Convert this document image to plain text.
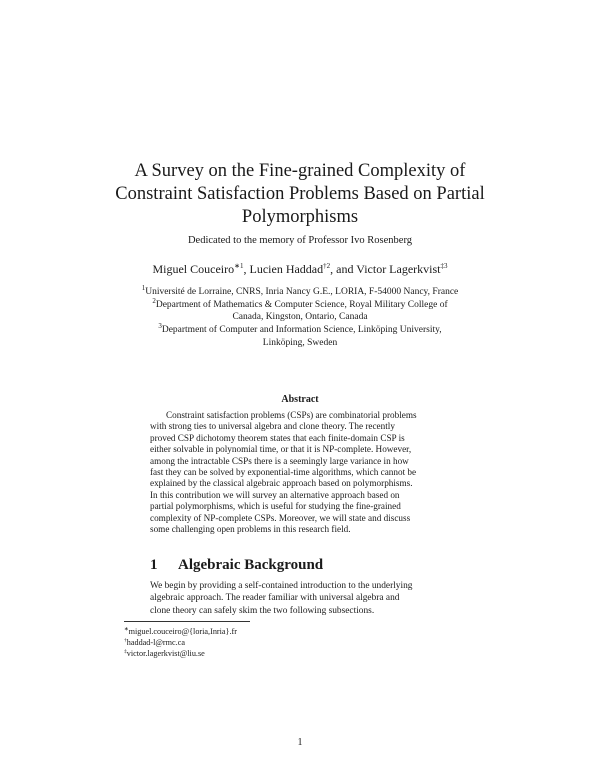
A Survey on the Fine-grained Complexity of
Constraint Satisfaction Problems Based on Partial
Polymorphisms
Dedicated to the memory of Professor Ivo Rosenberg
Miguel Couceiro$^{∗1}$, Lucien Haddad$^{\dagger 2}$, and Victor Lagerkvist$^{\ddagger 3}$
$^1$Université de Lorraine, CNRS, Inria Nancy G.E., LORIA, F-54000 Nancy, France
$^2$Department of Mathematics & Computer Science, Royal Military College of
Canada, Kingston, Ontario, Canada
$^3$Department of Computer and Information Science, Linköping University,
Linköping, Sweden
Abstract
Constraint satisfaction problems (CSPs) are combinatorial problems
with strong ties to universal algebra and clone theory. The recently
proved CSP dichotomy theorem states that each finite-domain CSP is
either solvable in polynomial time, or that it is NP-complete. However,
among the intractable CSPs there is a seemingly large variance in how
fast they can be solved by exponential-time algorithms, which cannot be
explained by the classical algebraic approach based on polymorphisms.
In this contribution we will survey an alternative approach based on
partial polymorphisms, which is useful for studying the fine-grained
complexity of NP-complete CSPs. Moreover, we will state and discuss
some challenging open problems in this research field.
1 Algebraic Background
We begin by providing a self-contained introduction to the underlying
algebraic approach. The reader familiar with universal algebra and
clone theory can safely skim the two following subsections.
∗miguel.couceiro@{loria,Inria}.fr
†haddad-l@rmc.ca
‡victor.lagerkvist@liu.se
1
